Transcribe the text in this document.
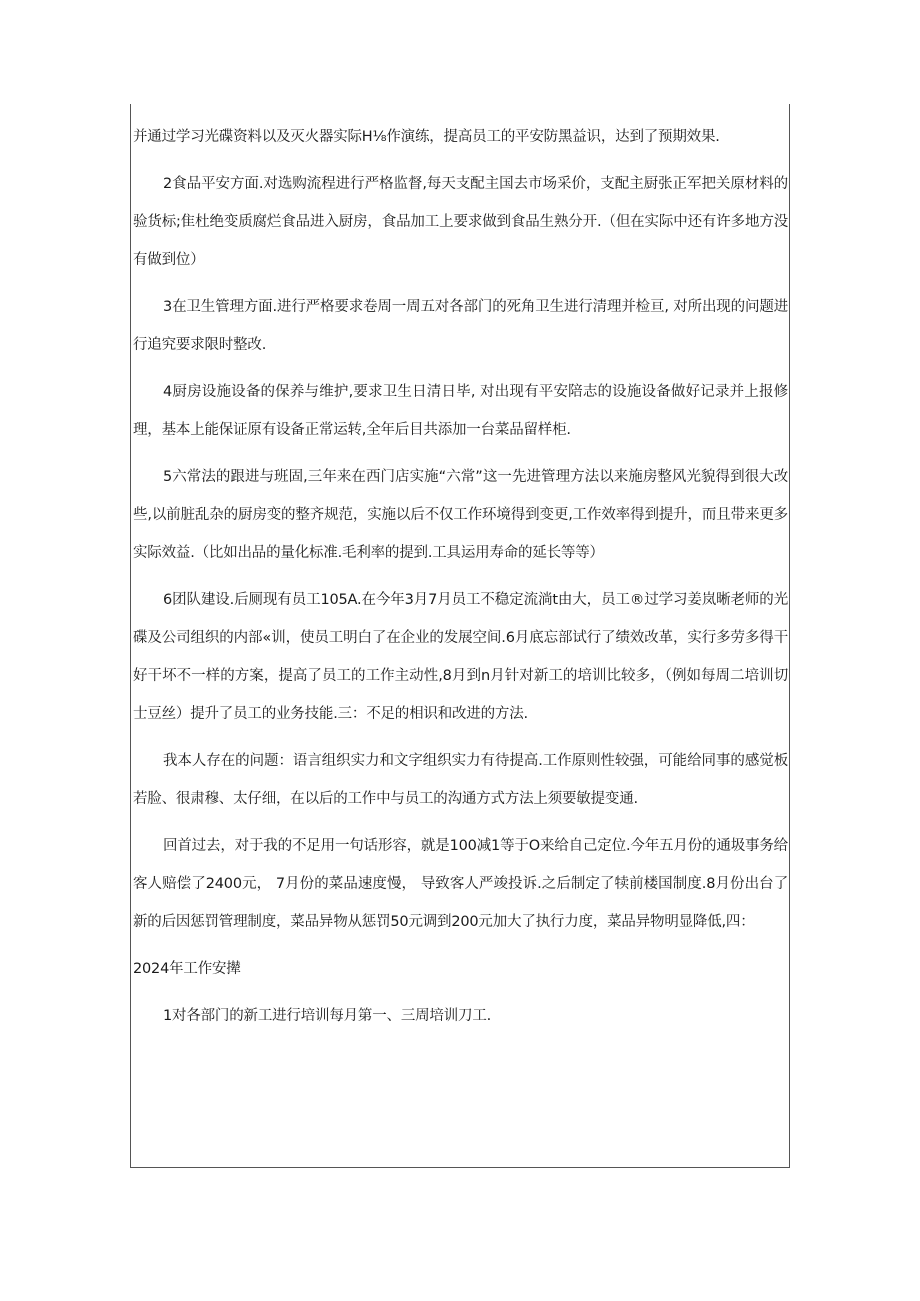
并通过学习光碟资料以及灭火器实际H⅛作演练，提高员工的平安防黑益识，达到了预期效果.

2食品平安方面.对选购流程进行严格监督,每天支配主国去市场采价，支配主厨张正军把关原材料的验货标;隹杜绝变质腐烂食品进入厨房，食品加工上要求做到食品生熟分开.（但在实际中还有许多地方没有做到位）

3在卫生管理方面.进行严格要求卷周一周五对各部门的死角卫生进行清理并检亘, 对所出现的问题进行追究要求限时整改.

4厨房设施设备的保养与维护,要求卫生日清日毕, 对出现有平安陪志的设施设备做好记录并上报修理，基本上能保证原有设备正常运转,全年后目共添加一台菜品留样柜.

5六常法的跟进与班固,三年来在西门店实施“六常”这一先进管理方法以来施房整风光貌得到很大改些,以前脏乱杂的厨房变的整齐规范，实施以后不仅工作环境得到变更,工作效率得到提升，而且带来更多实际效益.（比如出品的量化标准.毛利率的提到.工具运用寿命的延长等等）

6团队建设.后厕现有员工105A.在今年3月7月员工不稳定流淌t由大，员工®过学习姜岚晰老师的光碟及公司组织的内部«训，使员工明白了在企业的发展空间.6月底忘部试行了绩效改革，实行多劳多得干好干坏不一样的方案，提高了员工的工作主动性,8月到n月针对新工的培训比较多，（例如每周二培训切士豆丝）提升了员工的业务技能.三：不足的相识和改进的方法.

我本人存在的问题：语言组织实力和文字组织实力有待提高.工作原则性较强，可能给同事的感觉板若脸、很肃穆、太仔细，在以后的工作中与员工的沟通方式方法上须要敏提变通.

回首过去，对于我的不足用一句话形容，就是100减1等于O来给自己定位.今年五月份的通圾事务给客人赔偿了2400元， 7月份的菜品速度慢， 导致客人严竣投诉.之后制定了犊前楼国制度.8月份出台了新的后因惩罚管理制度，菜品异物从惩罚50元调到200元加大了执行力度，菜品异物明显降低,四：

2024年工作安撵

1对各部门的新工进行培训每月第一、三周培训刀工.
